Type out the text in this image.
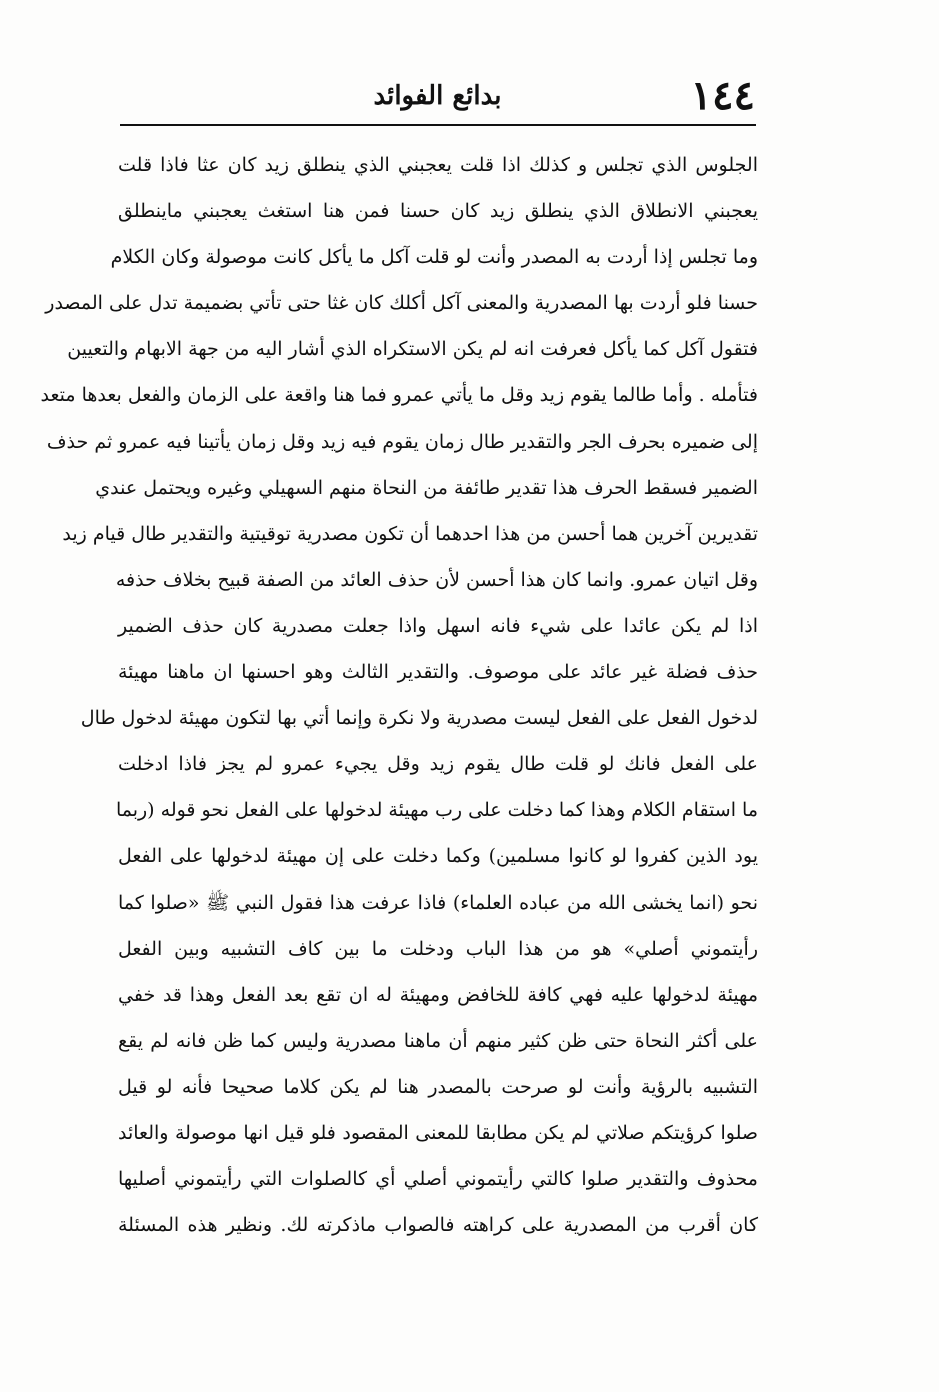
١٤٤
بدائع الفوائد
الجلوس الذي تجلس و كذلك اذا قلت يعجبني الذي ينطلق زيد كان عثا فاذا قلت
يعجبني الانطلاق الذي ينطلق زيد كان حسنا فمن هنا استغث يعجبني ماينطلق
وما تجلس إذا أردت به المصدر وأنت لو قلت آكل ما يأكل كانت موصولة وكان الكلام
حسنا فلو أردت بها المصدرية والمعنى آكل أكلك كان غثا حتى تأتي بضميمة تدل على المصدر
فتقول آكل كما يأكل فعرفت انه لم يكن الاستكراه الذي أشار اليه من جهة الابهام والتعيين
فتأمله . وأما طالما يقوم زيد وقل ما يأتي عمرو فما هنا واقعة على الزمان والفعل بعدها متعد
إلى ضميره بحرف الجر والتقدير طال زمان يقوم فيه زيد وقل زمان يأتينا فيه عمرو ثم حذف
الضمير فسقط الحرف هذا تقدير طائفة من النحاة منهم السهيلي وغيره ويحتمل عندي
تقديرين آخرين هما أحسن من هذا احدهما أن تكون مصدرية توقيتية والتقدير طال قيام زيد
وقل اتيان عمرو. وانما كان هذا أحسن لأن حذف العائد من الصفة قبيح بخلاف حذفه
اذا لم يكن عائدا على شيء فانه اسهل واذا جعلت مصدرية كان حذف الضمير
حذف فضلة غير عائد على موصوف. والتقدير الثالث وهو احسنها ان ماهنا مهيئة
لدخول الفعل على الفعل ليست مصدرية ولا نكرة وإنما أتي بها لتكون مهيئة لدخول طال
على الفعل فانك لو قلت طال يقوم زيد وقل يجيء عمرو لم يجز فاذا ادخلت
ما استقام الكلام وهذا كما دخلت على رب مهيئة لدخولها على الفعل نحو قوله (ربما
يود الذين كفروا لو كانوا مسلمين) وكما دخلت على إن مهيئة لدخولها على الفعل
نحو (انما يخشى الله من عباده العلماء) فاذا عرفت هذا فقول النبي ﷺ «صلوا كما
رأيتموني أصلي» هو من هذا الباب ودخلت ما بين كاف التشبيه وبين الفعل
مهيئة لدخولها عليه فهي كافة للخافض ومهيئة له ان تقع بعد الفعل وهذا قد خفي
على أكثر النحاة حتى ظن كثير منهم أن ماهنا مصدرية وليس كما ظن فانه لم يقع
التشبيه بالرؤية وأنت لو صرحت بالمصدر هنا لم يكن كلاما صحيحا فأنه لو قيل
صلوا كرؤيتكم صلاتي لم يكن مطابقا للمعنى المقصود فلو قيل انها موصولة والعائد
محذوف والتقدير صلوا كالتي رأيتموني أصلي أي كالصلوات التي رأيتموني أصليها
كان أقرب من المصدرية على كراهته فالصواب ماذكرته لك. ونظير هذه المسئلة
